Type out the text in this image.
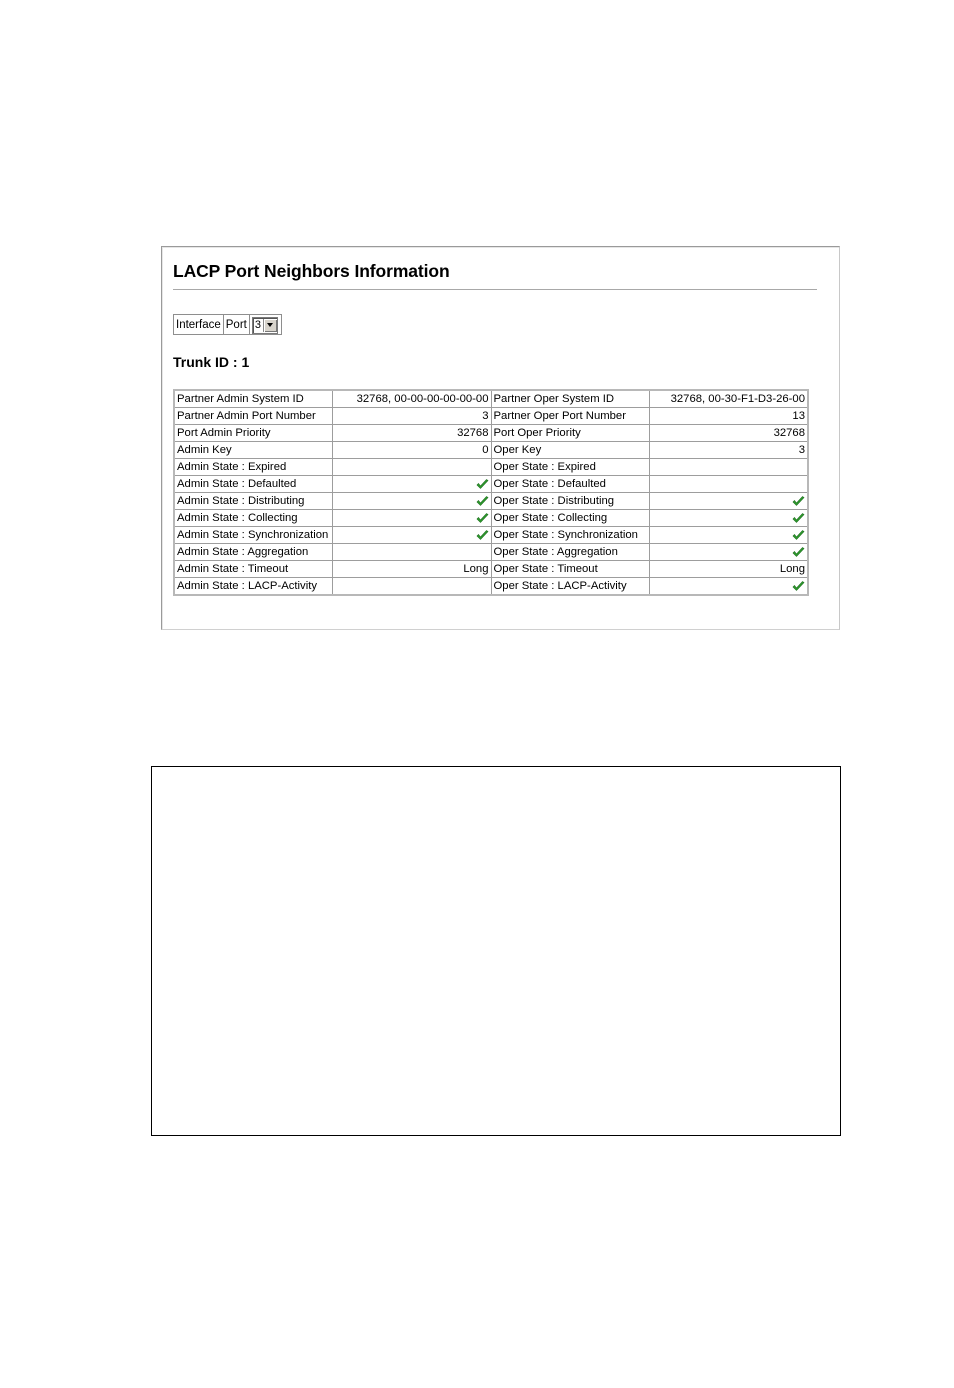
LACP Port Neighbors Information
Interface Port 3
Trunk ID : 1
Partner Admin System ID	32768, 00-00-00-00-00-00	Partner Oper System ID	32768, 00-30-F1-D3-26-00
Partner Admin Port Number	3	Partner Oper Port Number	13
Port Admin Priority	32768	Port Oper Priority	32768
Admin Key	0	Oper Key	3
Admin State : Expired		Oper State : Expired	
Admin State : Defaulted		Oper State : Defaulted	
Admin State : Distributing		Oper State : Distributing	
Admin State : Collecting		Oper State : Collecting	
Admin State : Synchronization		Oper State : Synchronization	
Admin State : Aggregation		Oper State : Aggregation	
Admin State : Timeout	Long	Oper State : Timeout	Long
Admin State : LACP-Activity		Oper State : LACP-Activity	
